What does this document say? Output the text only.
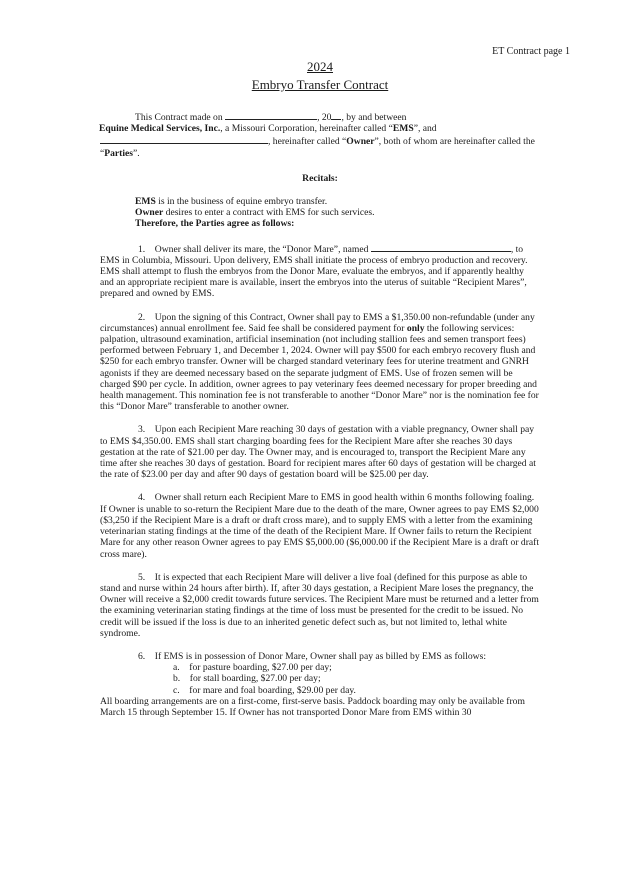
ET Contract page 1
2024
Embryo Transfer Contract

This Contract made on	, 20 , by and between

Equine Medical Services, Inc., a Missouri Corporation, hereinafter called “EMS”, and

, hereinafter called “Owner”, both of whom are hereinafter called the “Parties”.

Recitals:
EMS is in the business of equine embryo transfer.
Owner desires to enter a contract with EMS for such services.
Therefore, the Parties agree as follows:

1.    Owner shall deliver its mare, the “Donor Mare”, named	, to EMS in Columbia, Missouri. Upon delivery, EMS shall initiate the process of embryo production and recovery. EMS shall attempt to flush the embryos from the Donor Mare, evaluate the embryos, and if apparently healthy and an appropriate recipient mare is available, insert the embryos into the uterus of suitable “Recipient Mares”, prepared and owned by EMS.

2.    Upon the signing of this Contract, Owner shall pay to EMS a $1,350.00 non-refundable (under any circumstances) annual enrollment fee. Said fee shall be considered payment for only the following services: palpation, ultrasound examination, artificial insemination (not including stallion fees and semen transport fees) performed between February 1, and December 1, 2024. Owner will pay $500 for each embryo recovery flush and $250 for each embryo transfer. Owner will be charged standard veterinary fees for uterine treatment and GNRH agonists if they are deemed necessary based on the separate judgment of EMS. Use of frozen semen will be charged $90 per cycle. In addition, owner agrees to pay veterinary fees deemed necessary for proper breeding and health management. This nomination fee is not transferable to another “Donor Mare” nor is the nomination fee for this “Donor Mare” transferable to another owner.

3.    Upon each Recipient Mare reaching 30 days of gestation with a viable pregnancy, Owner shall pay to EMS $4,350.00. EMS shall start charging boarding fees for the Recipient Mare after she reaches 30 days gestation at the rate of $21.00 per day. The Owner may, and is encouraged to, transport the Recipient Mare any time after she reaches 30 days of gestation. Board for recipient mares after 60 days of gestation will be charged at the rate of $23.00 per day and after 90 days of gestation board will be $25.00 per day.

4.    Owner shall return each Recipient Mare to EMS in good health within 6 months following foaling. If Owner is unable to so-return the Recipient Mare due to the death of the mare, Owner agrees to pay EMS $2,000 ($3,250 if the Recipient Mare is a draft or draft cross mare), and to supply EMS with a letter from the examining veterinarian stating findings at the time of the death of the Recipient Mare. If Owner fails to return the Recipient Mare for any other reason Owner agrees to pay EMS $5,000.00 ($6,000.00 if the Recipient Mare is a draft or draft cross mare).

5.    It is expected that each Recipient Mare will deliver a live foal (defined for this purpose as able to stand and nurse within 24 hours after birth). If, after 30 days gestation, a Recipient Mare loses the pregnancy, the Owner will receive a $2,000 credit towards future services. The Recipient Mare must be returned and a letter from the examining veterinarian stating findings at the time of loss must be presented for the credit to be issued. No credit will be issued if the loss is due to an inherited genetic defect such as, but not limited to, lethal white syndrome.

6.    If EMS is in possession of Donor Mare, Owner shall pay as billed by EMS as follows:

a.    for pasture boarding, $27.00 per day;
b.    for stall boarding, $27.00 per day;
c.    for mare and foal boarding, $29.00 per day.

All boarding arrangements are on a first-come, first-serve basis. Paddock boarding may only be available from March 15 through September 15. If Owner has not transported Donor Mare from EMS within 30
